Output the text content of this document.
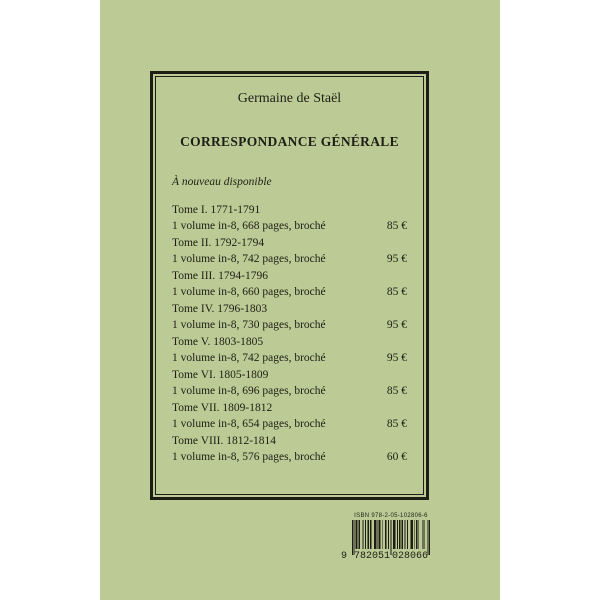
Germaine de Staël
CORRESPONDANCE GÉNÉRALE
À nouveau disponible
Tome I. 1771-1791
1 volume in-8, 668 pages, broché	85 €
Tome II. 1792-1794
1 volume in-8, 742 pages, broché	95 €
Tome III. 1794-1796
1 volume in-8, 660 pages, broché	85 €
Tome IV. 1796-1803
1 volume in-8, 730 pages, broché	95 €
Tome V. 1803-1805
1 volume in-8, 742 pages, broché	95 €
Tome VI. 1805-1809
1 volume in-8, 696 pages, broché	85 €
Tome VII. 1809-1812
1 volume in-8, 654 pages, broché	85 €
Tome VIII. 1812-1814
1 volume in-8, 576 pages, broché	60 €
ISBN 978-2-05-102806-6
9 782051 028066
